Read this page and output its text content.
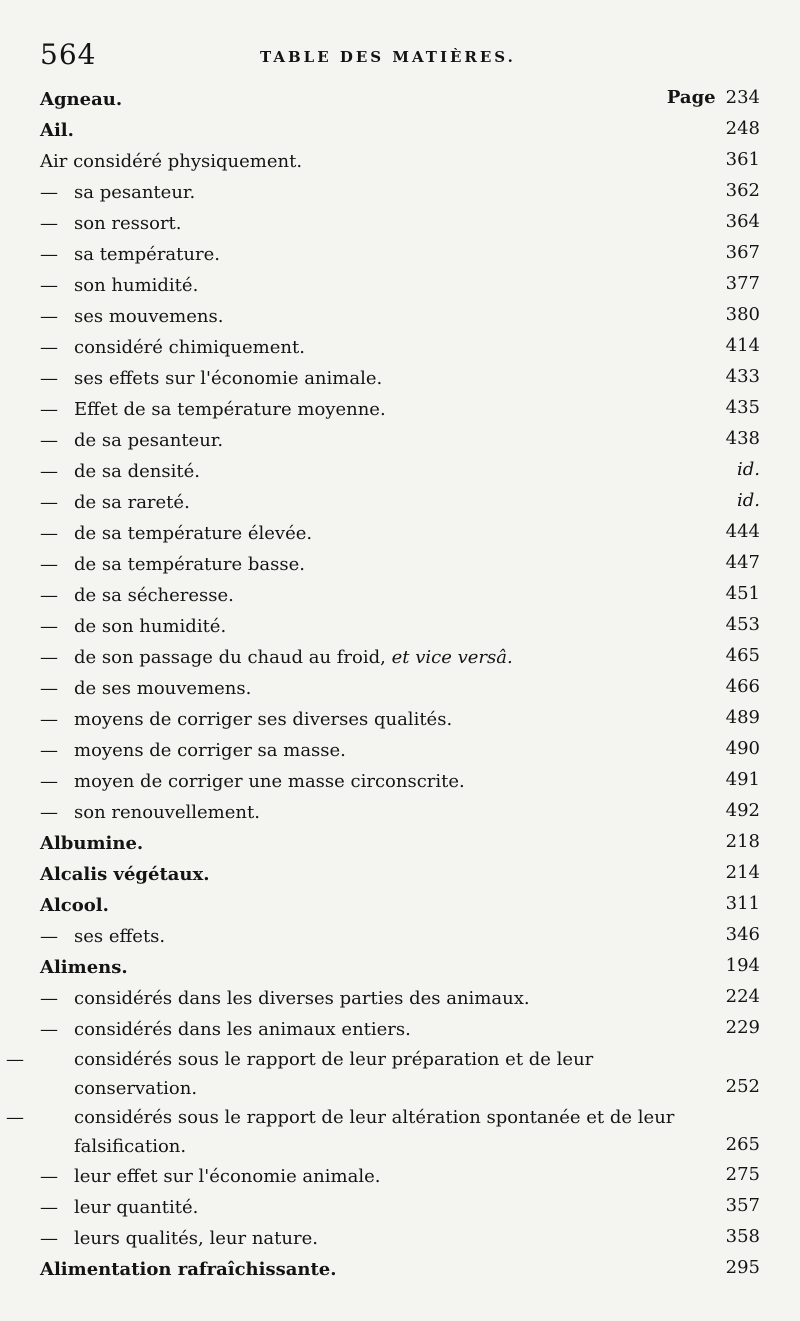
564	TABLE DES MATIÈRES.
Agneau.	Page 234
Ail.	248
Air considéré physiquement.	361
— sa pesanteur.	362
— son ressort.	364
— sa température.	367
— son humidité.	377
— ses mouvemens.	380
— considéré chimiquement.	414
— ses effets sur l'économie animale.	433
— Effet de sa température moyenne.	435
— de sa pesanteur.	438
— de sa densité.	id.
— de sa rareté.	id.
— de sa température élevée.	444
— de sa température basse.	447
— de sa sécheresse.	451
— de son humidité.	453
— de son passage du chaud au froid, et vice versâ.	465
— de ses mouvemens.	466
— moyens de corriger ses diverses qualités.	489
— moyens de corriger sa masse.	490
— moyen de corriger une masse circonscrite.	491
— son renouvellement.	492
Albumine.	218
Alcalis végétaux.	214
Alcool.	311
— ses effets.	346
Alimens.	194
— considérés dans les diverses parties des animaux.	224
— considérés dans les animaux entiers.	229
—	considérés sous le rapport de leur préparation et de leur conservation.	252
—	considérés sous le rapport de leur altération spontanée et de leur falsification.	265
— leur effet sur l'économie animale.	275
— leur quantité.	357
— leurs qualités, leur nature.	358
Alimentation rafraîchissante.	295
